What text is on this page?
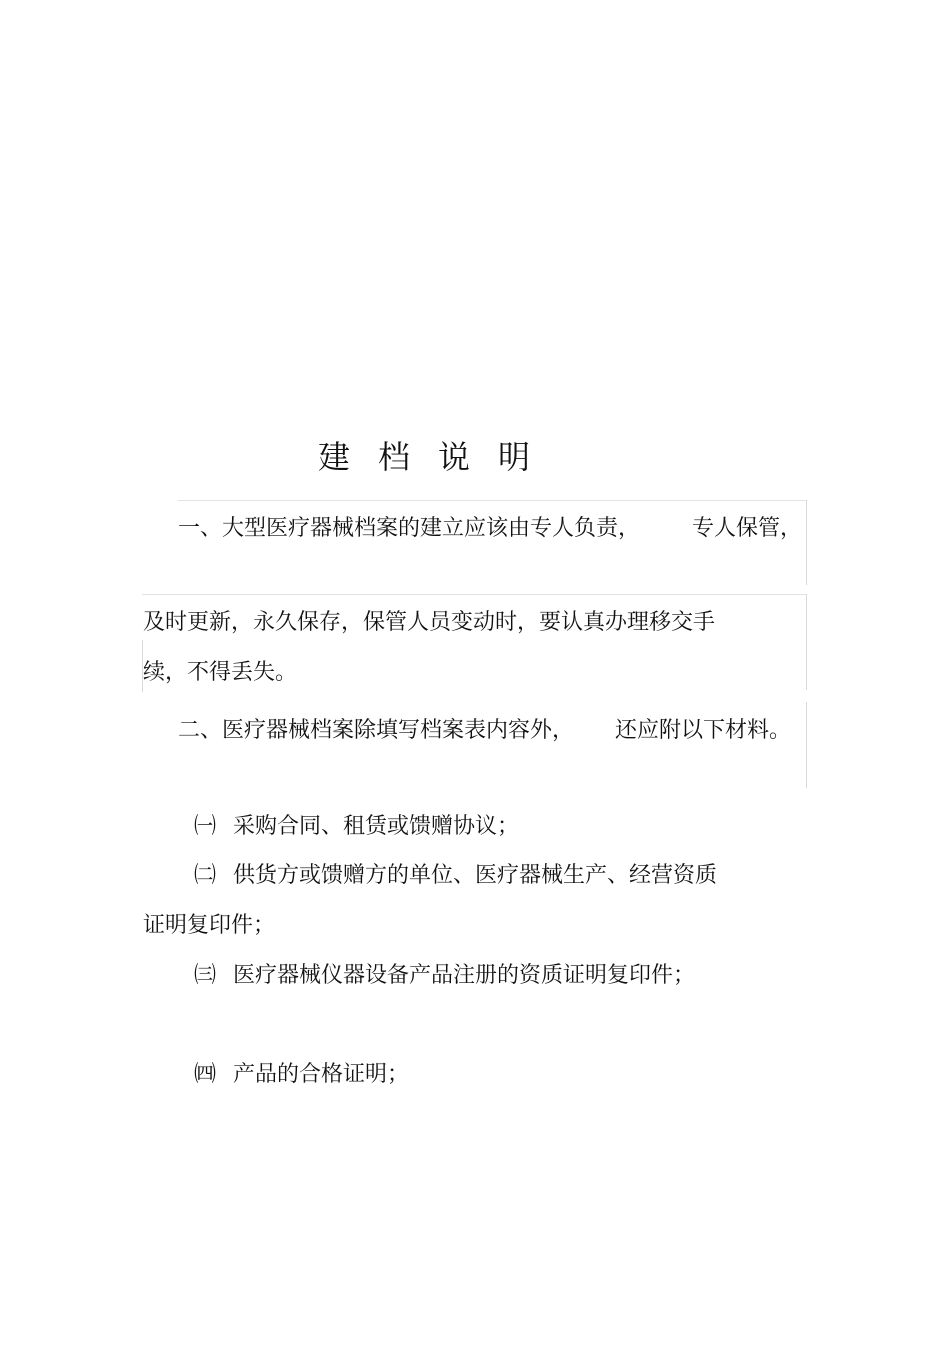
建档说明
一、大型医疗器械档案的建立应该由专人负责， 专人保管，
及时更新，永久保存，保管人员变动时，要认真办理移交手
续，不得丢失。
二、医疗器械档案除填写档案表内容外， 还应附以下材料。
㈠ 采购合同、租赁或馈赠协议；
㈡ 供货方或馈赠方的单位、医疗器械生产、经营资质
证明复印件；
㈢ 医疗器械仪器设备产品注册的资质证明复印件；
㈣ 产品的合格证明；
